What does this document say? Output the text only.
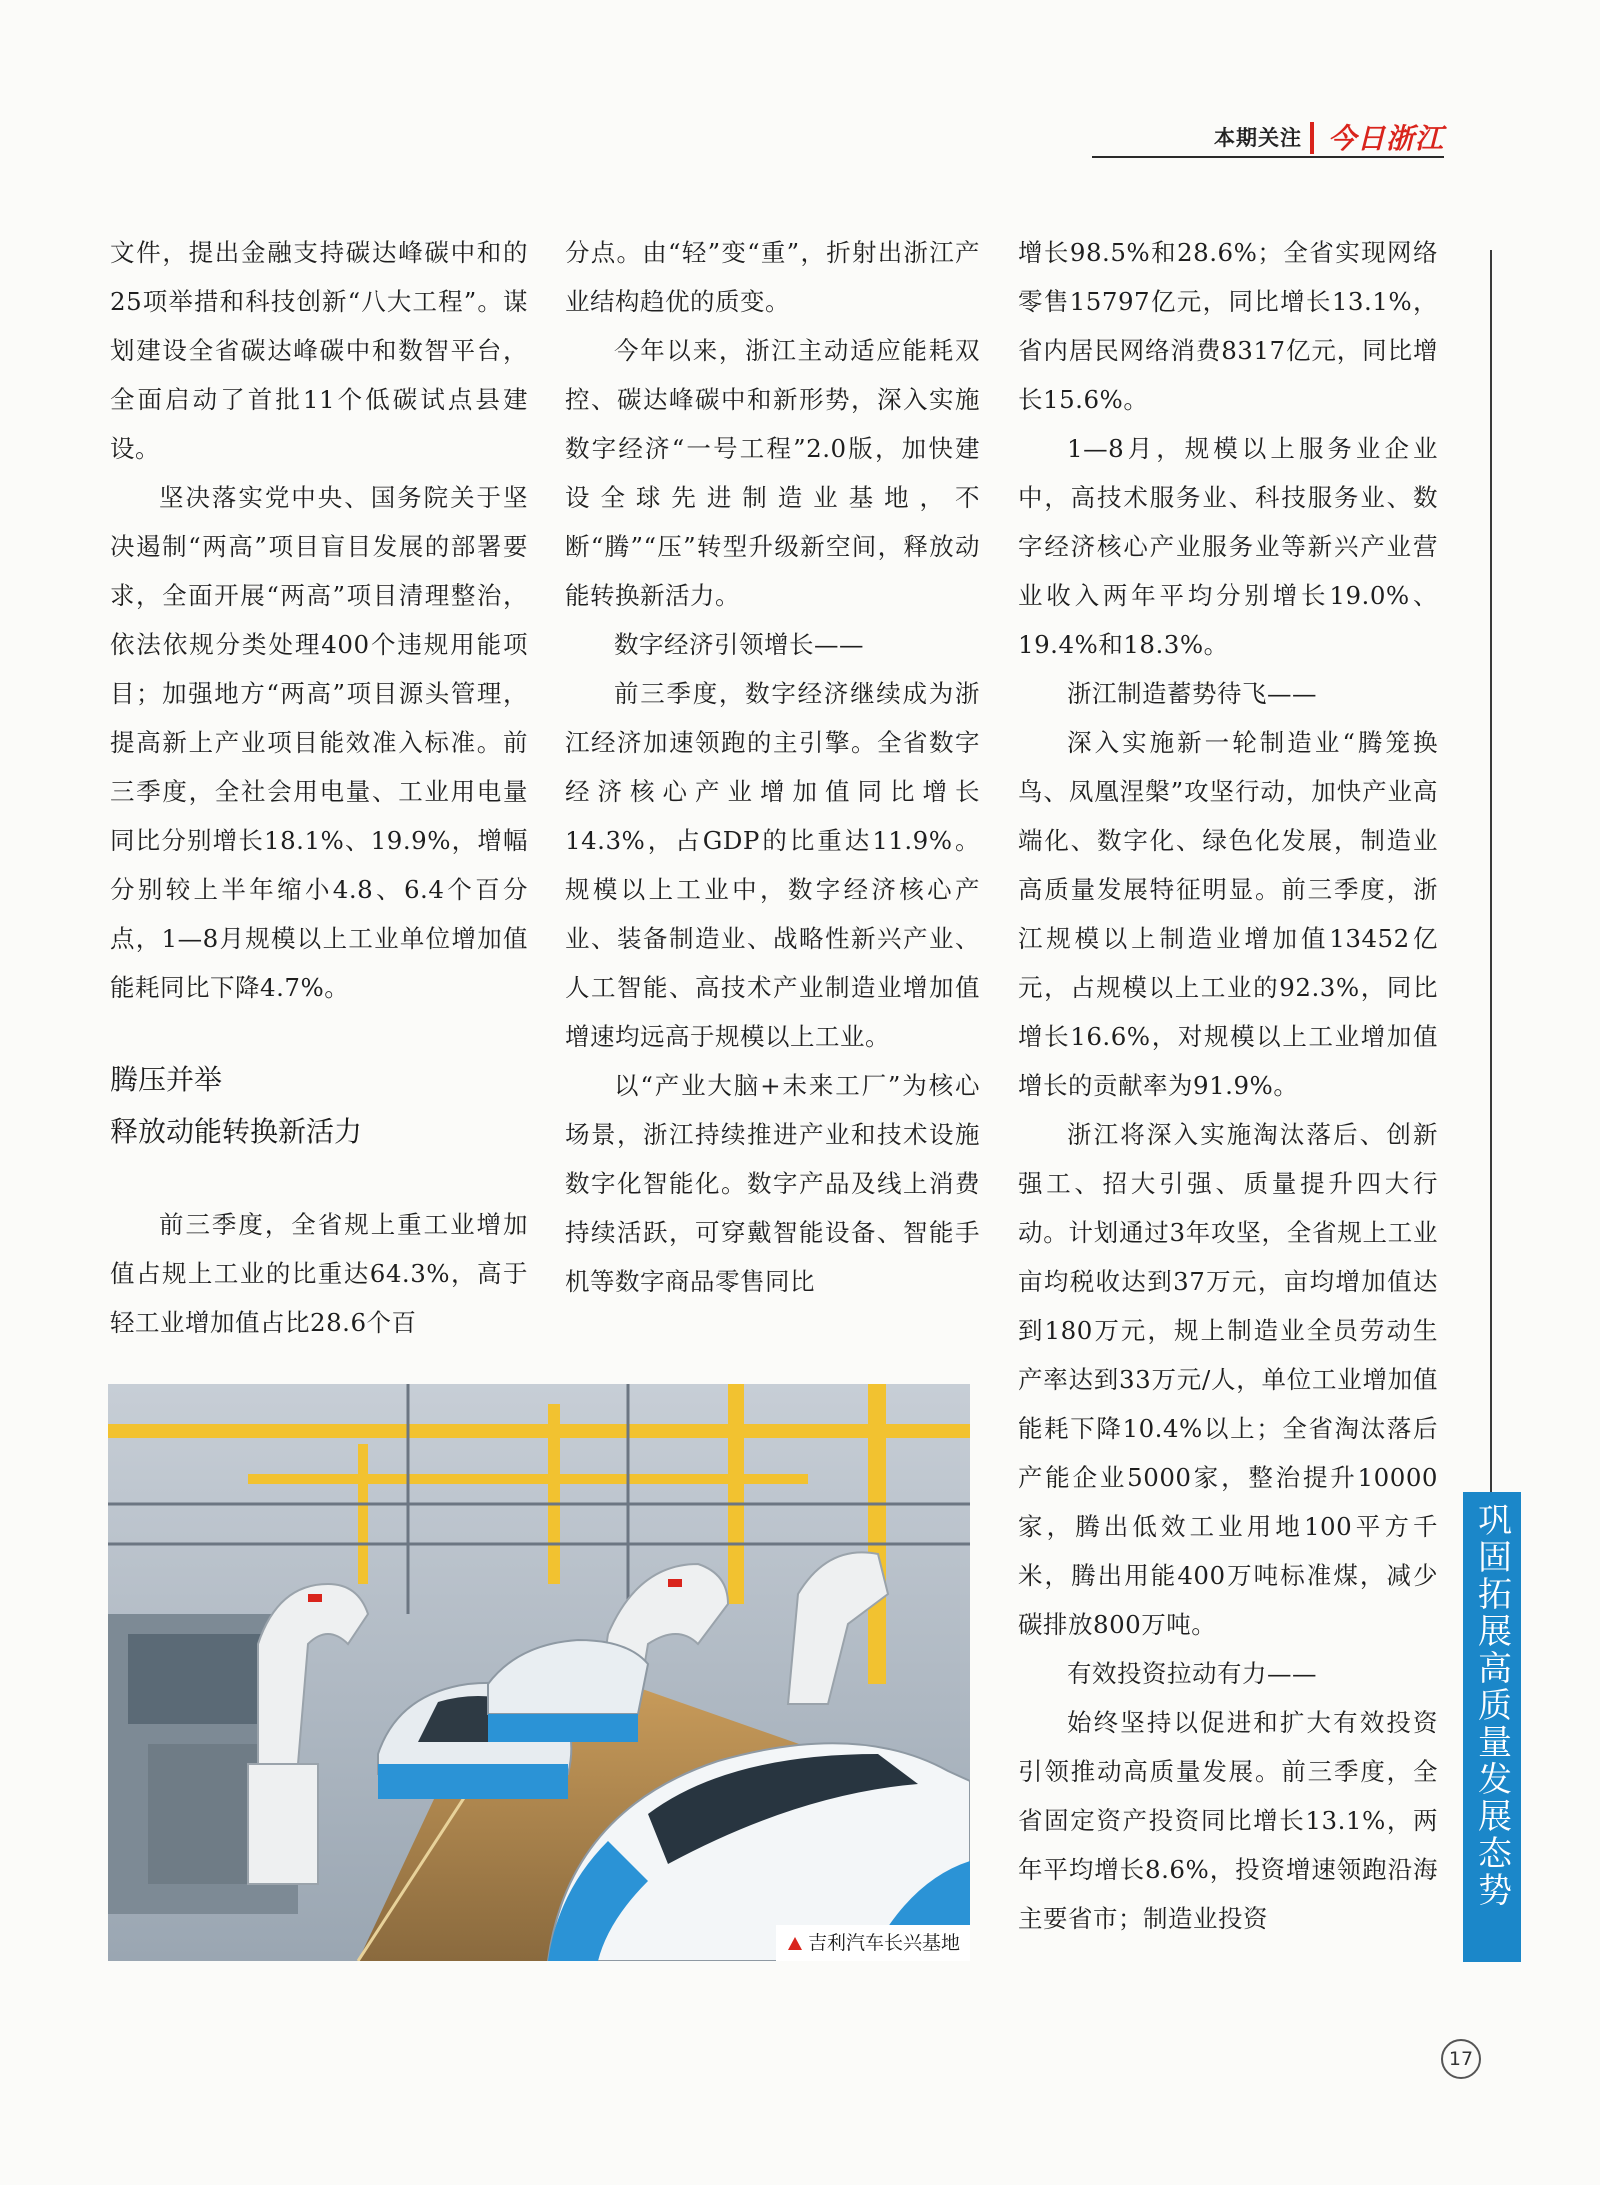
本期关注 今日浙江

文件，提出金融支持碳达峰碳中和的25项举措和科技创新“八大工程”。谋划建设全省碳达峰碳中和数智平台，全面启动了首批11个低碳试点县建设。

坚决落实党中央、国务院关于坚决遏制“两高”项目盲目发展的部署要求，全面开展“两高”项目清理整治，依法依规分类处理400个违规用能项目；加强地方“两高”项目源头管理，提高新上产业项目能效准入标准。前三季度，全社会用电量、工业用电量同比分别增长18.1%、19.9%，增幅分别较上半年缩小4.8、6.4个百分点，1—8月规模以上工业单位增加值能耗同比下降4.7%。

腾压并举

释放动能转换新活力

前三季度，全省规上重工业增加值占规上工业的比重达64.3%，高于轻工业增加值占比28.6个百

分点。由“轻”变“重”，折射出浙江产业结构趋优的质变。

今年以来，浙江主动适应能耗双控、碳达峰碳中和新形势，深入实施数字经济“一号工程”2.0版，加快建设全球先进制造业基地，不断“腾”“压”转型升级新空间，释放动能转换新活力。

数字经济引领增长——

前三季度，数字经济继续成为浙江经济加速领跑的主引擎。全省数字经济核心产业增加值同比增长14.3%，占GDP的比重达11.9%。规模以上工业中，数字经济核心产业、装备制造业、战略性新兴产业、人工智能、高技术产业制造业增加值增速均远高于规模以上工业。

以“产业大脑+未来工厂”为核心场景，浙江持续推进产业和技术设施数字化智能化。数字产品及线上消费持续活跃，可穿戴智能设备、智能手机等数字商品零售同比

增长98.5%和28.6%；全省实现网络零售15797亿元，同比增长13.1%，省内居民网络消费8317亿元，同比增长15.6%。

1—8月，规模以上服务业企业中，高技术服务业、科技服务业、数字经济核心产业服务业等新兴产业营业收入两年平均分别增长19.0%、19.4%和18.3%。

浙江制造蓄势待飞——

深入实施新一轮制造业“腾笼换鸟、凤凰涅槃”攻坚行动，加快产业高端化、数字化、绿色化发展，制造业高质量发展特征明显。前三季度，浙江规模以上制造业增加值13452亿元，占规模以上工业的92.3%，同比增长16.6%，对规模以上工业增加值增长的贡献率为91.9%。

浙江将深入实施淘汰落后、创新强工、招大引强、质量提升四大行动。计划通过3年攻坚，全省规上工业亩均税收达到37万元，亩均增加值达到180万元，规上制造业全员劳动生产率达到33万元/人，单位工业增加值能耗下降10.4%以上；全省淘汰落后产能企业5000家，整治提升10000家，腾出低效工业用地100平方千米，腾出用能400万吨标准煤，减少碳排放800万吨。

有效投资拉动有力——

始终坚持以促进和扩大有效投资引领推动高质量发展。前三季度，全省固定资产投资同比增长13.1%，两年平均增长8.6%，投资增速领跑沿海主要省市；制造业投资

吉利汽车长兴基地
巩固拓展高质量发展态势
17
